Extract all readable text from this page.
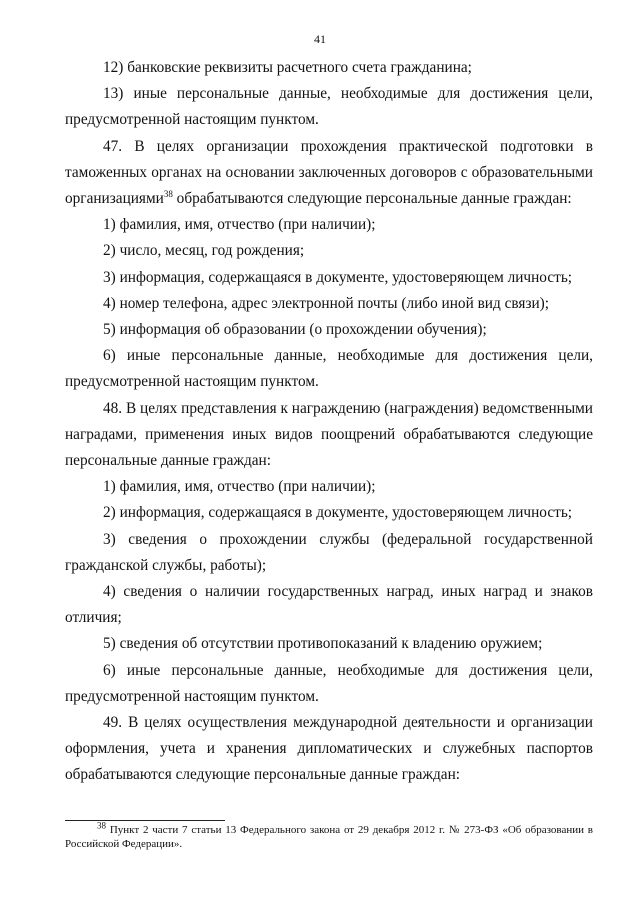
41

12) банковские реквизиты расчетного счета гражданина;

13) иные персональные данные, необходимые для достижения цели, предусмотренной настоящим пунктом.

47. В целях организации прохождения практической подготовки в таможенных органах на основании заключенных договоров с образовательными организациями$^{38}$ обрабатываются следующие персональные данные граждан:

1) фамилия, имя, отчество (при наличии);

2) число, месяц, год рождения;

3) информация, содержащаяся в документе, удостоверяющем личность;

4) номер телефона, адрес электронной почты (либо иной вид связи);

5) информация об образовании (о прохождении обучения);

6) иные персональные данные, необходимые для достижения цели, предусмотренной настоящим пунктом.

48. В целях представления к награждению (награждения) ведомственными наградами, применения иных видов поощрений обрабатываются следующие персональные данные граждан:

1) фамилия, имя, отчество (при наличии);

2) информация, содержащаяся в документе, удостоверяющем личность;

3) сведения о прохождении службы (федеральной государственной гражданской службы, работы);

4) сведения о наличии государственных наград, иных наград и знаков отличия;

5) сведения об отсутствии противопоказаний к владению оружием;

6) иные персональные данные, необходимые для достижения цели, предусмотренной настоящим пунктом.

49. В целях осуществления международной деятельности и организации оформления, учета и хранения дипломатических и служебных паспортов обрабатываются следующие персональные данные граждан:

$^{38}$ Пункт 2 части 7 статьи 13 Федерального закона от 29 декабря 2012 г. № 273-ФЗ «Об образовании в Российской Федерации».
